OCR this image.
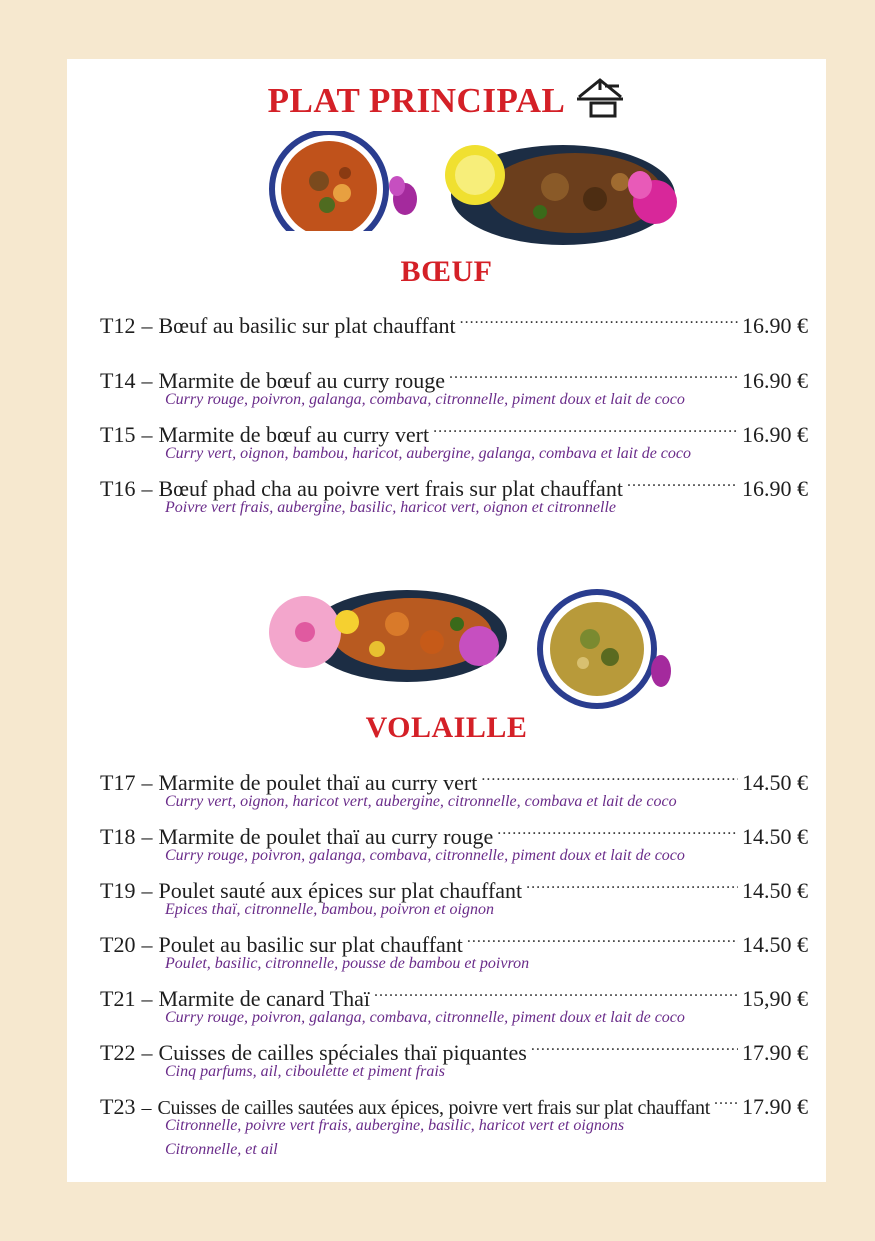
PLAT PRINCIPAL
BŒUF
T12 – Bœuf au basilic sur plat chauffant .....	16.90 €
T14 – Marmite de bœuf au curry rouge .....	16.90 €
Curry rouge, poivron, galanga, combava, citronnelle, piment doux et lait de coco
T15 – Marmite de bœuf au curry vert .....	16.90 €
Curry vert, oignon, bambou, haricot, aubergine, galanga, combava et lait de coco
T16 – Bœuf phad cha au poivre vert frais sur plat chauffant .....	16.90 €
Poivre vert frais, aubergine, basilic, haricot vert, oignon et citronnelle
VOLAILLE
T17 – Marmite de poulet thaï au curry vert .....	14.50 €
Curry vert, oignon, haricot vert, aubergine, citronnelle, combava et lait de coco
T18 – Marmite de poulet thaï au curry rouge .....	14.50 €
Curry rouge, poivron, galanga, combava, citronnelle, piment doux et lait de coco
T19 – Poulet sauté aux épices sur plat chauffant .....	14.50 €
Epices thaï, citronnelle, bambou, poivron et oignon
T20 – Poulet au basilic sur plat chauffant .....	14.50 €
Poulet, basilic, citronnelle, pousse de bambou et poivron
T21 – Marmite de canard Thaï .....	15,90 €
Curry rouge, poivron, galanga, combava, citronnelle, piment doux et lait de coco
T22 – Cuisses de cailles spéciales thaï piquantes .....	17.90 €
Cinq parfums, ail, ciboulette et piment frais
T23 – Cuisses de cailles sautées aux épices, poivre vert frais sur plat chauffant ..... 17.90 €
Citronnelle, poivre vert frais, aubergine, basilic, haricot vert et oignons
Citronnelle, et ail
